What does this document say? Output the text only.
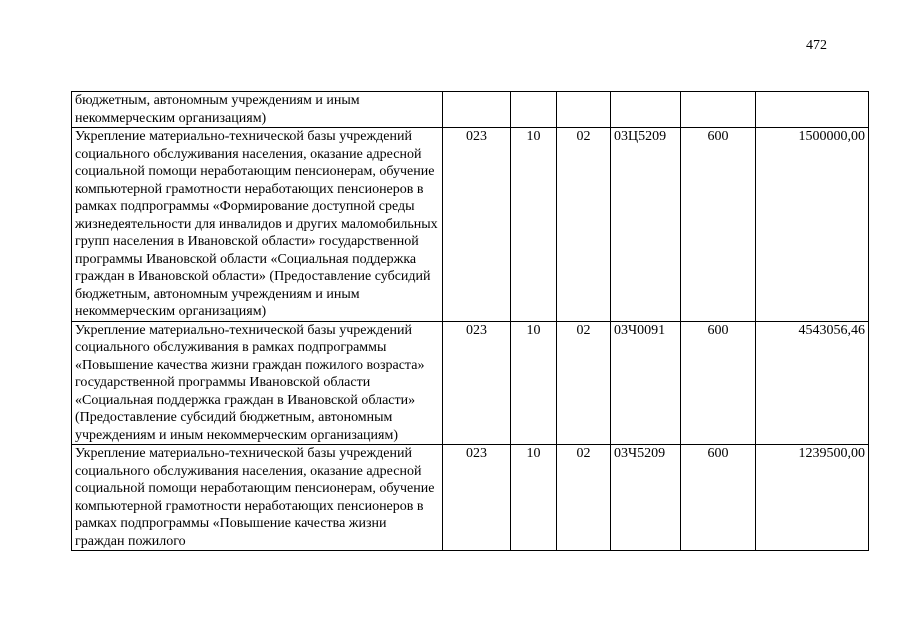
472
бюджетным, автономным учреждениям и иным некоммерческим организациям)						
Укрепление материально-технической базы учреждений социального обслуживания населения, оказание адресной социальной помощи неработающим пенсионерам, обучение компьютерной грамотности неработающих пенсионеров в рамках подпрограммы «Формирование доступной среды жизнедеятельности для инвалидов и других маломобильных групп населения в Ивановской области» государственной программы Ивановской области «Социальная поддержка граждан в Ивановской области» (Предоставление субсидий бюджетным, автономным учреждениям и иным некоммерческим организациям)	023	10	02	03Ц5209	600	1500000,00
Укрепление материально-технической базы учреждений социального обслуживания в рамках подпрограммы «Повышение качества жизни граждан пожилого возраста» государственной программы Ивановской области «Социальная поддержка граждан в Ивановской области» (Предоставление субсидий бюджетным, автономным учреждениям и иным некоммерческим организациям)	023	10	02	03Ч0091	600	4543056,46
Укрепление материально-технической базы учреждений социального обслуживания населения, оказание адресной социальной помощи неработающим пенсионерам, обучение компьютерной грамотности неработающих пенсионеров в рамках подпрограммы «Повышение качества жизни граждан пожилого	023	10	02	03Ч5209	600	1239500,00
